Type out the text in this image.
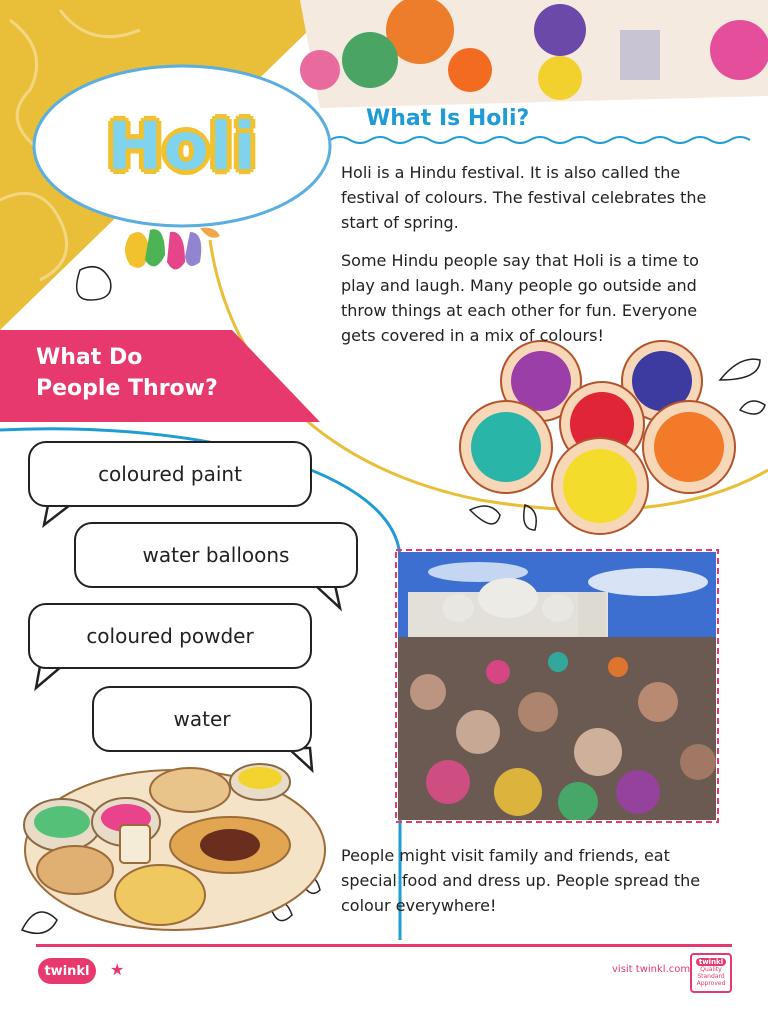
Holi	What Is Holi?
Holi is a Hindu festival. It is also called the festival of colours. The festival celebrates the start of spring.
Some Hindu people say that Holi is a time to play and laugh. Many people go outside and throw things at each other for fun. Everyone gets covered in a mix of colours!
What Do
People Throw?
coloured paint
water balloons
coloured powder
water
People might visit family and friends, eat special food and dress up. People spread the colour everywhere!
twinkl	★	visit twinkl.com
twinkl
Quality Standard Approved
